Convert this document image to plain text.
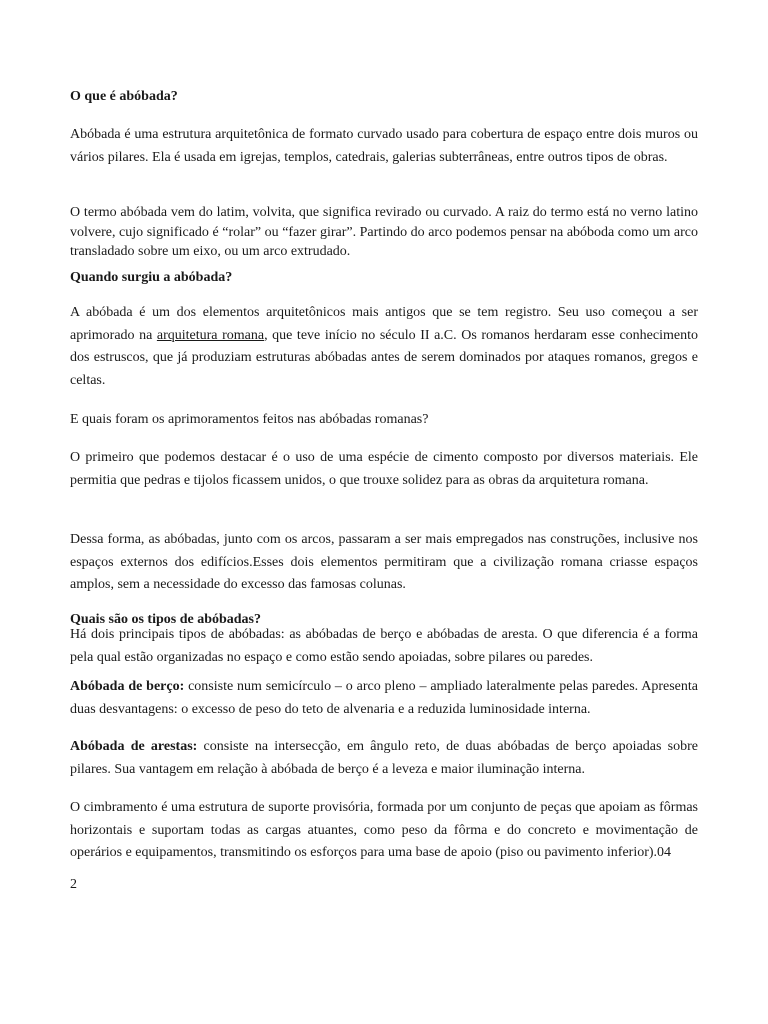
O que é abóbada?

Abóbada é uma estrutura arquitetônica de formato curvado usado para cobertura de espaço entre dois muros ou vários pilares. Ela é usada em igrejas, templos, catedrais, galerias subterrâneas, entre outros tipos de obras.

O termo abóbada vem do latim, volvita, que significa revirado ou curvado. A raiz do termo está no verno latino volvere, cujo significado é “rolar” ou “fazer girar”. Partindo do arco podemos pensar na abóboda como um arco transladado sobre um eixo, ou um arco extrudado.

Quando surgiu a abóbada?

A abóbada é um dos elementos arquitetônicos mais antigos que se tem registro. Seu uso começou a ser aprimorado na arquitetura romana, que teve início no século II a.C. Os romanos herdaram esse conhecimento dos estruscos, que já produziam estruturas abóbadas antes de serem dominados por ataques romanos, gregos e celtas.

E quais foram os aprimoramentos feitos nas abóbadas romanas?

O primeiro que podemos destacar é o uso de uma espécie de cimento composto por diversos materiais. Ele permitia que pedras e tijolos ficassem unidos, o que trouxe solidez para as obras da arquitetura romana.

Dessa forma, as abóbadas, junto com os arcos, passaram a ser mais empregados nas construções, inclusive nos espaços externos dos edifícios.Esses dois elementos permitiram que a civilização romana criasse espaços amplos, sem a necessidade do excesso das famosas colunas.

Quais são os tipos de abóbadas?

Há dois principais tipos de abóbadas: as abóbadas de berço e abóbadas de aresta. O que diferencia é a forma pela qual estão organizadas no espaço e como estão sendo apoiadas, sobre pilares ou paredes.

Abóbada de berço: consiste num semicírculo – o arco pleno – ampliado lateralmente pelas paredes. Apresenta duas desvantagens: o excesso de peso do teto de alvenaria e a reduzida luminosidade interna.

Abóbada de arestas: consiste na intersecção, em ângulo reto, de duas abóbadas de berço apoiadas sobre pilares. Sua vantagem em relação à abóbada de berço é a leveza e maior iluminação interna.

O cimbramento é uma estrutura de suporte provisória, formada por um conjunto de peças que apoiam as fôrmas horizontais e suportam todas as cargas atuantes, como peso da fôrma e do concreto e movimentação de operários e equipamentos, transmitindo os esforços para uma base de apoio (piso ou pavimento inferior).04

2
